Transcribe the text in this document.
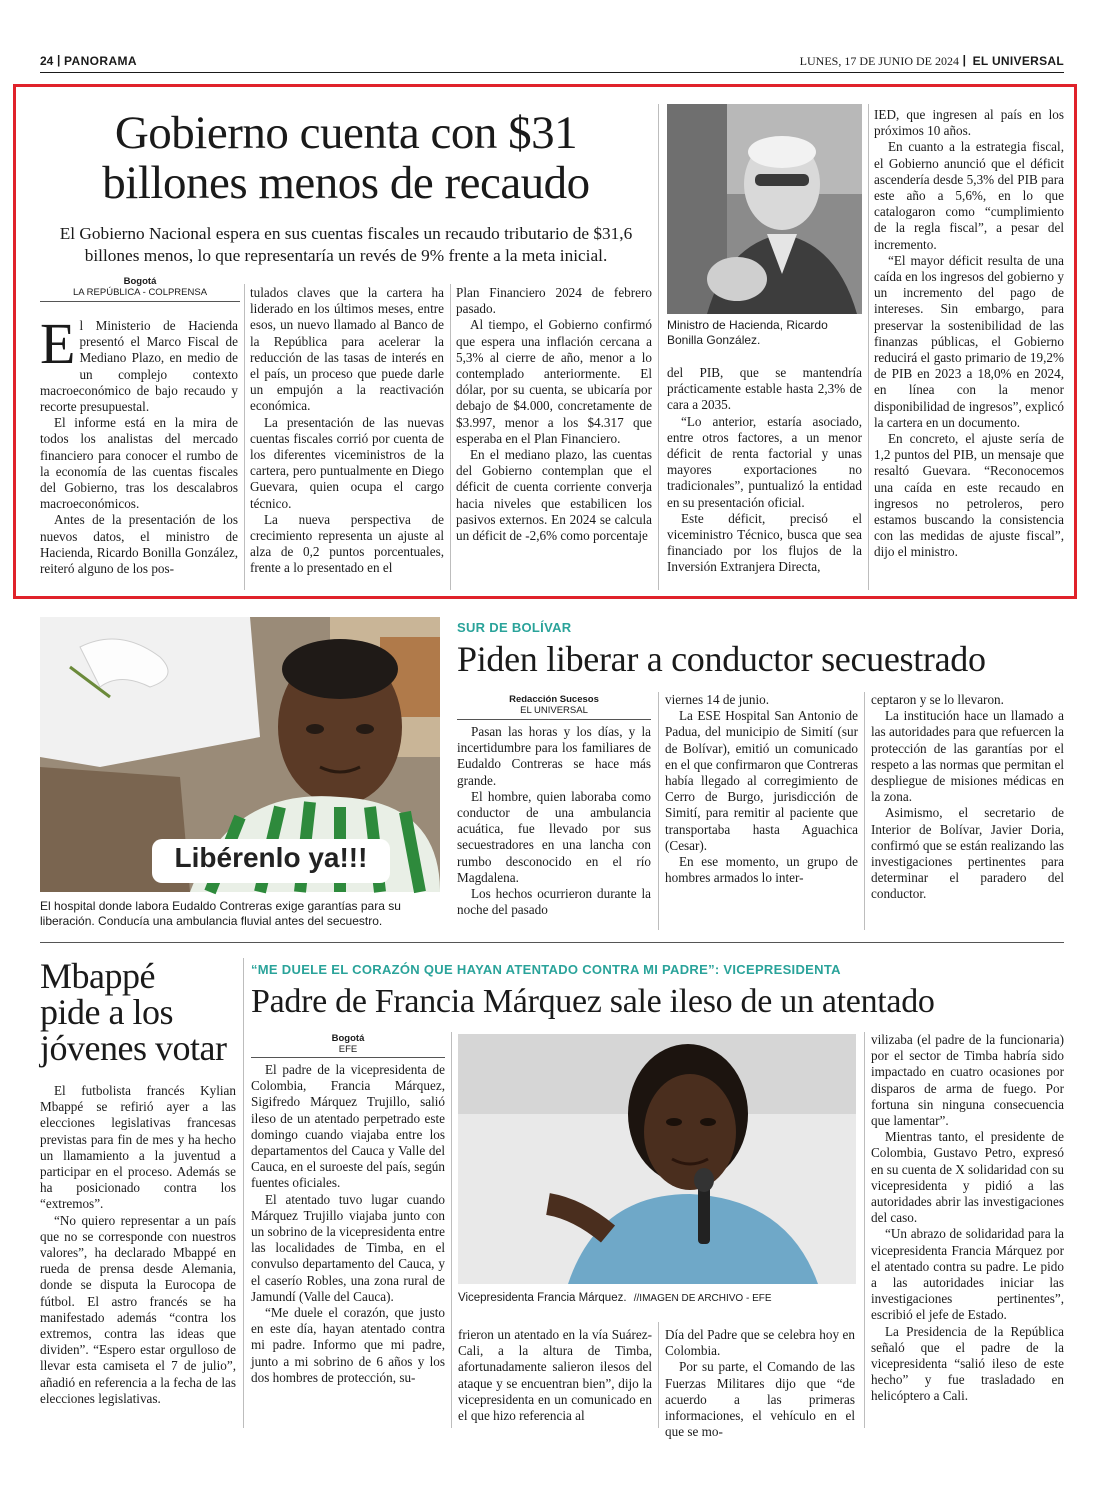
24 | PANORAMA	LUNES, 17 DE JUNIO DE 2024 | EL UNIVERSAL
Gobierno cuenta con $31
billones menos de recaudo
El Gobierno Nacional espera en sus cuentas fiscales un recaudo tributario de $31,6 billones menos, lo que representaría un revés de 9% frente a la meta inicial.
Bogotá
LA REPÚBLICA - COLPRENSA
E l Ministerio de Hacienda presentó el Marco Fiscal de Mediano Plazo, en medio de un complejo contexto macroeconómico de bajo recaudo y recorte presupuestal.

El informe está en la mira de todos los analistas del mercado financiero para conocer el rumbo de la economía de las cuentas fiscales del Gobierno, tras los descalabros macroeconómicos.

Antes de la presentación de los nuevos datos, el ministro de Hacienda, Ricardo Bonilla González, reiteró alguno de los pos-

tulados claves que la cartera ha liderado en los últimos meses, entre esos, un nuevo llamado al Banco de la República para acelerar la reducción de las tasas de interés en el país, un proceso que puede darle un empujón a la reactivación económica.

La presentación de las nuevas cuentas fiscales corrió por cuenta de los diferentes viceministros de la cartera, pero puntualmente en Diego Guevara, quien ocupa el cargo técnico.

La nueva perspectiva de crecimiento representa un ajuste al alza de 0,2 puntos porcentuales, frente a lo presentado en el

Plan Financiero 2024 de febrero pasado.

Al tiempo, el Gobierno confirmó que espera una inflación cercana a 5,3% al cierre de año, menor a lo contemplado anteriormente. El dólar, por su cuenta, se ubicaría por debajo de $4.000, concretamente de $3.997, menor a los $4.317 que esperaba en el Plan Financiero.

En el mediano plazo, las cuentas del Gobierno contemplan que el déficit de cuenta corriente converja hacia niveles que estabilicen los pasivos externos. En 2024 se calcula un déficit de -2,6% como porcentaje

Ministro de Hacienda, Ricardo Bonilla González.

del PIB, que se mantendría prácticamente estable hasta 2,3% de cara a 2035.

“Lo anterior, estaría asociado, entre otros factores, a un menor déficit de renta factorial y unas mayores exportaciones no tradicionales”, puntualizó la entidad en su presentación oficial.

Este déficit, precisó el viceministro Técnico, busca que sea financiado por los flujos de la Inversión Extranjera Directa,

IED, que ingresen al país en los próximos 10 años.

En cuanto a la estrategia fiscal, el Gobierno anunció que el déficit ascendería desde 5,3% del PIB para este año a 5,6%, en lo que catalogaron como “cumplimiento de la regla fiscal”, a pesar del incremento.

“El mayor déficit resulta de una caída en los ingresos del gobierno y un incremento del pago de intereses. Sin embargo, para preservar la sostenibilidad de las finanzas públicas, el Gobierno reducirá el gasto primario de 19,2% de PIB en 2023 a 18,0% en 2024, en línea con la menor disponibilidad de ingresos”, explicó la cartera en un documento.

En concreto, el ajuste sería de 1,2 puntos del PIB, un mensaje que resaltó Guevara. “Reconocemos una caída en este recaudo en ingresos no petroleros, pero estamos buscando la consistencia con las medidas de ajuste fiscal”, dijo el ministro.

Libérenlo ya!!!
El hospital donde labora Eudaldo Contreras exige garantías para su liberación. Conducía una ambulancia fluvial antes del secuestro.
SUR DE BOLÍVAR
Piden liberar a conductor secuestrado
Redacción Sucesos
EL UNIVERSAL

Pasan las horas y los días, y la incertidumbre para los familiares de Eudaldo Contreras se hace más grande.

El hombre, quien laboraba como conductor de una ambulancia acuática, fue llevado por sus secuestradores en una lancha con rumbo desconocido en el río Magdalena.

Los hechos ocurrieron durante la noche del pasado

viernes 14 de junio.

La ESE Hospital San Antonio de Padua, del municipio de Simití (sur de Bolívar), emitió un comunicado en el que confirmaron que Contreras había llegado al corregimiento de Cerro de Burgo, jurisdicción de Simití, para remitir al paciente que transportaba hasta Aguachica (Cesar).

En ese momento, un grupo de hombres armados lo inter-

ceptaron y se lo llevaron.

La institución hace un llamado a las autoridades para que refuercen la protección de las garantías por el respeto a las normas que permitan el despliegue de misiones médicas en la zona.

Asimismo, el secretario de Interior de Bolívar, Javier Doria, confirmó que se están realizando las investigaciones pertinentes para determinar el paradero del conductor.

Mbappé
pide a los
jóvenes votar

El futbolista francés Kylian Mbappé se refirió ayer a las elecciones legislativas francesas previstas para fin de mes y ha hecho un llamamiento a la juventud a participar en el proceso. Además se ha posicionado contra los “extremos”.

“No quiero representar a un país que no se corresponde con nuestros valores”, ha declarado Mbappé en rueda de prensa desde Alemania, donde se disputa la Eurocopa de fútbol. El astro francés se ha manifestado además “contra los extremos, contra las ideas que dividen”. “Espero estar orgulloso de llevar esta camiseta el 7 de julio”, añadió en referencia a la fecha de las elecciones legislativas.

“ME DUELE EL CORAZÓN QUE HAYAN ATENTADO CONTRA MI PADRE”: VICEPRESIDENTA
Padre de Francia Márquez sale ileso de un atentado
Bogotá
EFE

El padre de la vicepresidenta de Colombia, Francia Márquez, Sigifredo Márquez Trujillo, salió ileso de un atentado perpetrado este domingo cuando viajaba entre los departamentos del Cauca y Valle del Cauca, en el suroeste del país, según fuentes oficiales.

El atentado tuvo lugar cuando Márquez Trujillo viajaba junto con un sobrino de la vicepresidenta entre las localidades de Timba, en el convulso departamento del Cauca, y el caserío Robles, una zona rural de Jamundí (Valle del Cauca).

“Me duele el corazón, que justo en este día, hayan atentado contra mi padre. Informo que mi padre, junto a mi sobrino de 6 años y los dos hombres de protección, su-

Vicepresidenta Francia Márquez. //IMAGEN DE ARCHIVO - EFE

frieron un atentado en la vía Suárez-Cali, a la altura de Timba, afortunadamente salieron ilesos del ataque y se encuentran bien”, dijo la vicepresidenta en un comunicado en el que hizo referencia al

Día del Padre que se celebra hoy en Colombia.

Por su parte, el Comando de las Fuerzas Militares dijo que “de acuerdo a las primeras informaciones, el vehículo en el que se mo-

vilizaba (el padre de la funcionaria) por el sector de Timba habría sido impactado en cuatro ocasiones por disparos de arma de fuego. Por fortuna sin ninguna consecuencia que lamentar”.

Mientras tanto, el presidente de Colombia, Gustavo Petro, expresó en su cuenta de X solidaridad con su vicepresidenta y pidió a las autoridades abrir las investigaciones del caso.

“Un abrazo de solidaridad para la vicepresidenta Francia Márquez por el atentado contra su padre. Le pido a las autoridades iniciar las investigaciones pertinentes”, escribió el jefe de Estado.

La Presidencia de la República señaló que el padre de la vicepresidenta “salió ileso de este hecho” y fue trasladado en helicóptero a Cali.
